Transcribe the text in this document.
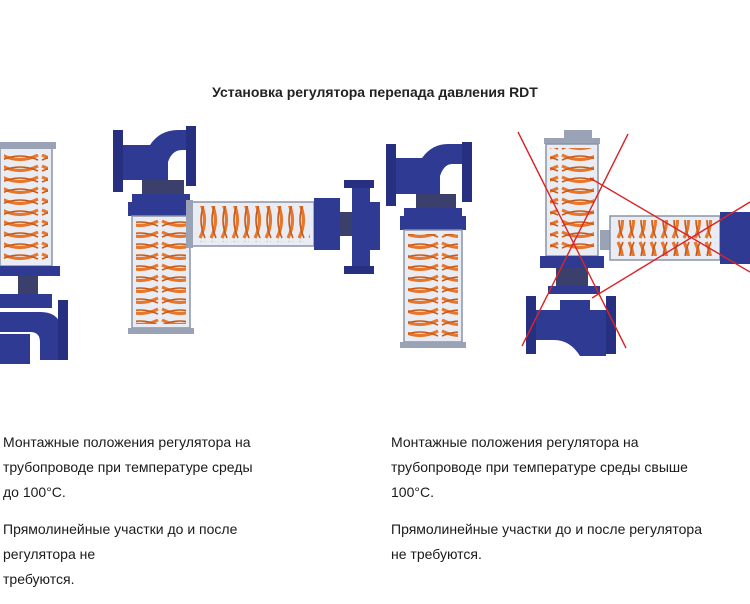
Установка регулятора перепада давления RDT

Монтажные положения регулятора на
трубопроводе при температуре среды
до 100°C.

Прямолинейные участки до и после регулятора не
требуются.

Монтажные положения регулятора на
трубопроводе при температуре среды свыше
100°C.

Прямолинейные участки до и после регулятора
не требуются.
